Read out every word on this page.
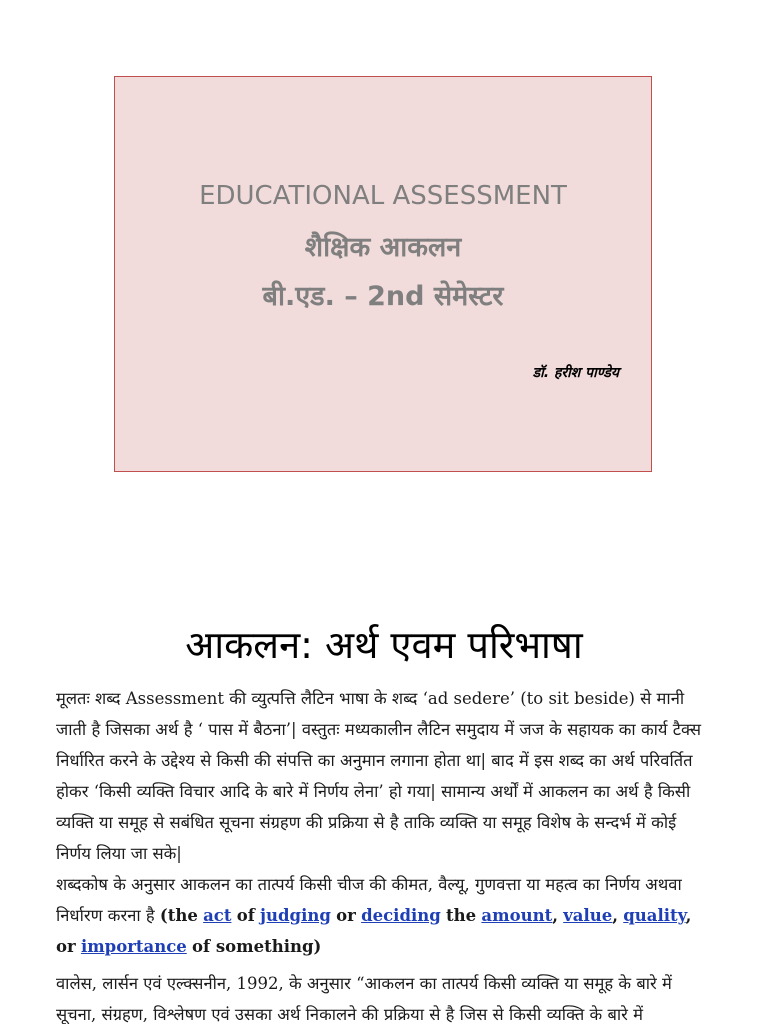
EDUCATIONAL ASSESSMENT
शैक्षिक आकलन
बी.एड. – 2nd सेमेस्टर
डॉ. हरीश पाण्डेय
आकलन: अर्थ एवम परिभाषा

मूलतः शब्द Assessment की व्युत्पत्ति लैटिन भाषा के शब्द ‘ad sedere’ (to sit beside) से मानी जाती है जिसका अर्थ है ‘ पास में बैठना’| वस्तुतः मध्यकालीन लैटिन समुदाय में जज के सहायक का कार्य टैक्स निर्धारित करने के उद्देश्य से किसी की संपत्ति का अनुमान लगाना होता था| बाद में इस शब्द का अर्थ परिवर्तित होकर ‘किसी व्यक्ति विचार आदि के बारे में निर्णय लेना’ हो गया| सामान्य अर्थों में आकलन का अर्थ है किसी व्यक्ति या समूह से सबंधित सूचना संग्रहण की प्रक्रिया से है ताकि व्यक्ति या समूह विशेष के सन्दर्भ में कोई निर्णय लिया जा सके|

शब्दकोष के अनुसार आकलन का तात्पर्य किसी चीज की कीमत, वैल्यू, गुणवत्ता या महत्व का निर्णय अथवा निर्धारण करना है (the act of judging or deciding the amount, value, quality, or importance of something)

वालेस, लार्सन एवं एल्क्सनीन, 1992, के अनुसार “आकलन का तात्पर्य किसी व्यक्ति या समूह के बारे में सूचना, संग्रहण, विश्लेषण एवं उसका अर्थ निकालने की प्रक्रिया से है जिस से किसी व्यक्ति के बारे में
